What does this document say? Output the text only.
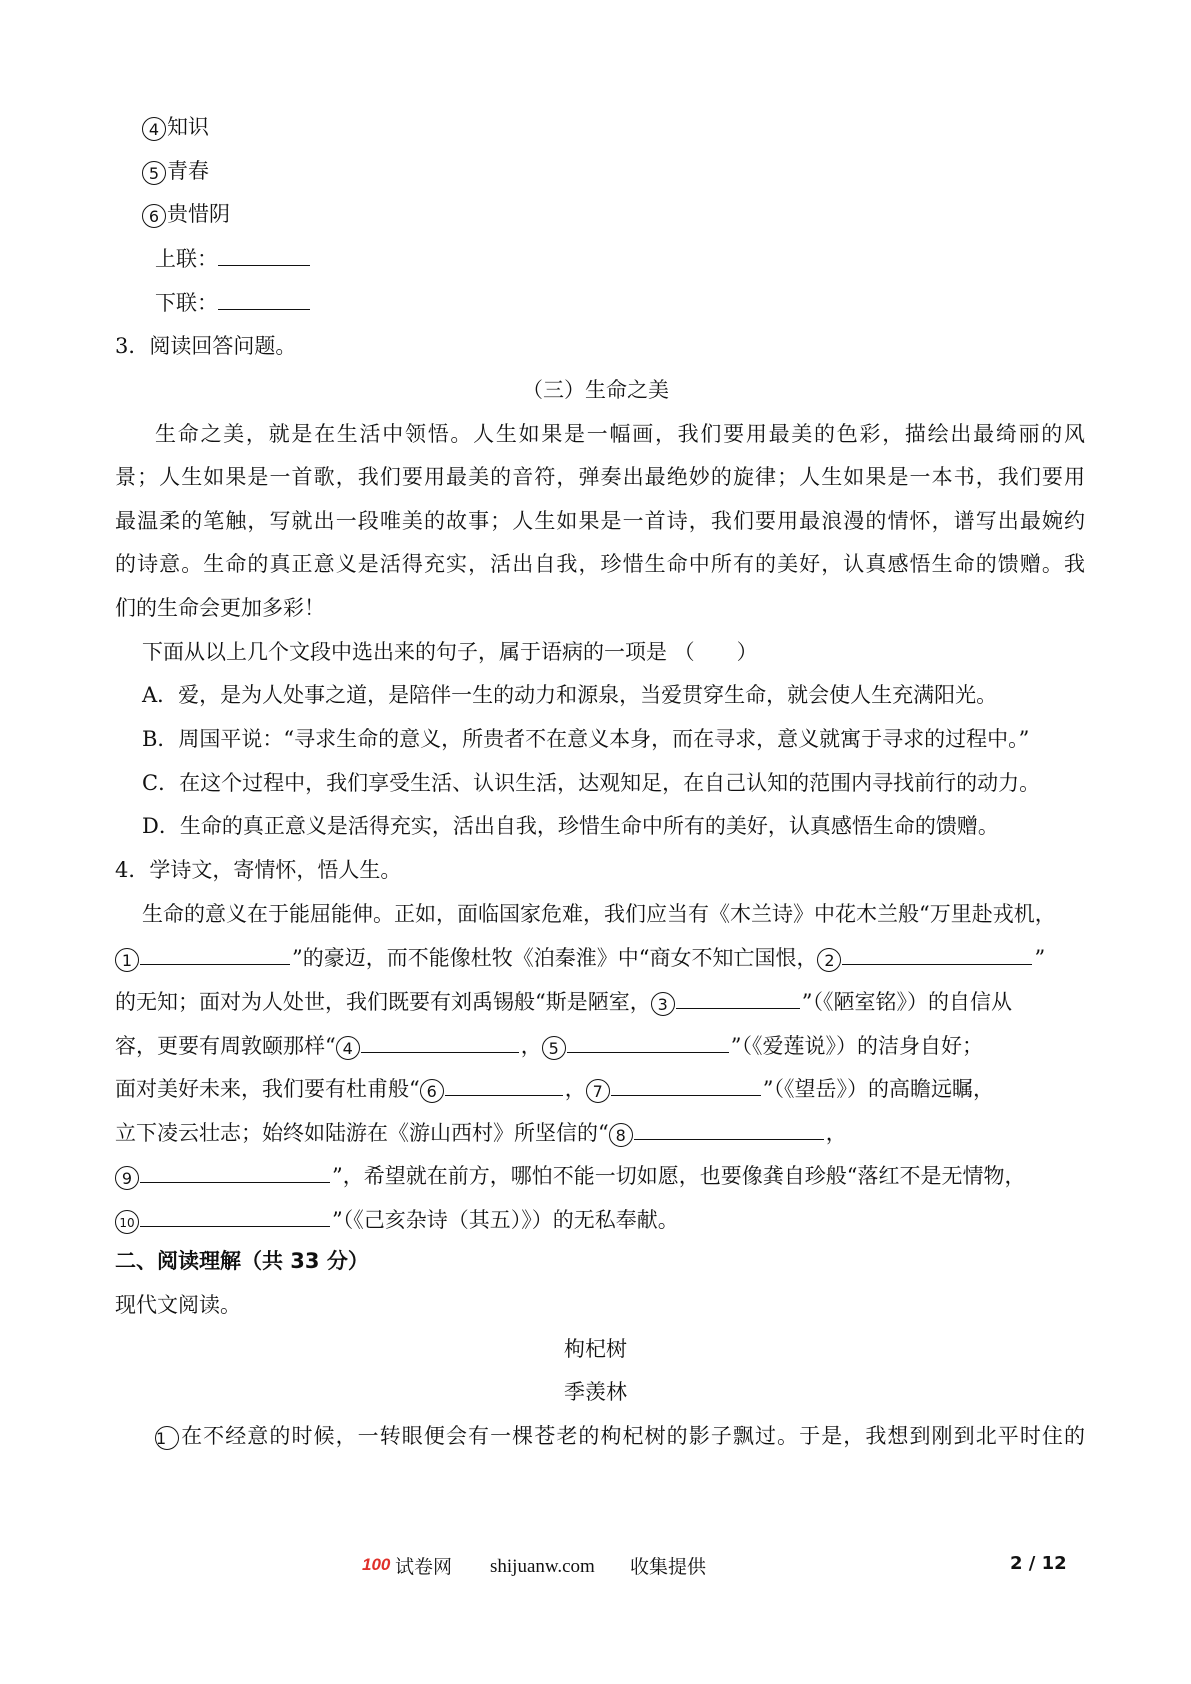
4 知识
5 青春
6 贵惜阴
上联：
下联：
3．阅读回答问题。
（三）生命之美
生命之美，就是在生活中领悟。人生如果是一幅画，我们要用最美的色彩，描绘出最绮丽的风
景；人生如果是一首歌，我们要用最美的音符，弹奏出最绝妙的旋律；人生如果是一本书，我们要用
最温柔的笔触，写就出一段唯美的故事；人生如果是一首诗，我们要用最浪漫的情怀，谱写出最婉约
的诗意。生命的真正意义是活得充实，活出自我，珍惜生命中所有的美好，认真感悟生命的馈赠。我
们的生命会更加多彩！
下面从以上几个文段中选出来的句子，属于语病的一项是 （　　）
A．爱，是为人处事之道，是陪伴一生的动力和源泉，当爱贯穿生命，就会使人生充满阳光。
B．周国平说：“寻求生命的意义，所贵者不在意义本身，而在寻求，意义就寓于寻求的过程中。”
C．在这个过程中，我们享受生活、认识生活，达观知足，在自己认知的范围内寻找前行的动力。
D．生命的真正意义是活得充实，活出自我，珍惜生命中所有的美好，认真感悟生命的馈赠。
4．学诗文，寄情怀，悟人生。
生命的意义在于能屈能伸。正如，面临国家危难，我们应当有《木兰诗》中花木兰般“万里赴戎机，
1	”的豪迈，而不能像杜牧《泊秦淮》中“商女不知亡国恨， 2	”
的无知；面对为人处世，我们既要有刘禹锡般“斯是陋室， 3	”（《陋室铭》）的自信从
容，更要有周敦颐那样“ 4	， 5	”（《爱莲说》）的洁身自好；
面对美好未来，我们要有杜甫般“ 6	， 7	”（《望岳》）的高瞻远瞩，
立下凌云壮志；始终如陆游在《游山西村》所坚信的“ 8	，
9	”，希望就在前方，哪怕不能一切如愿，也要像龚自珍般“落红不是无情物，
10	”（《己亥杂诗（其五）》）的无私奉献。
二、阅读理解（共 33 分）
现代文阅读。
枸杞树
季羡林
1 在不经意的时候，一转眼便会有一棵苍老的枸杞树的影子飘过。于是，我想到刚到北平时住的
100 试卷网 shijuanw.com 收集提供	2 / 12
